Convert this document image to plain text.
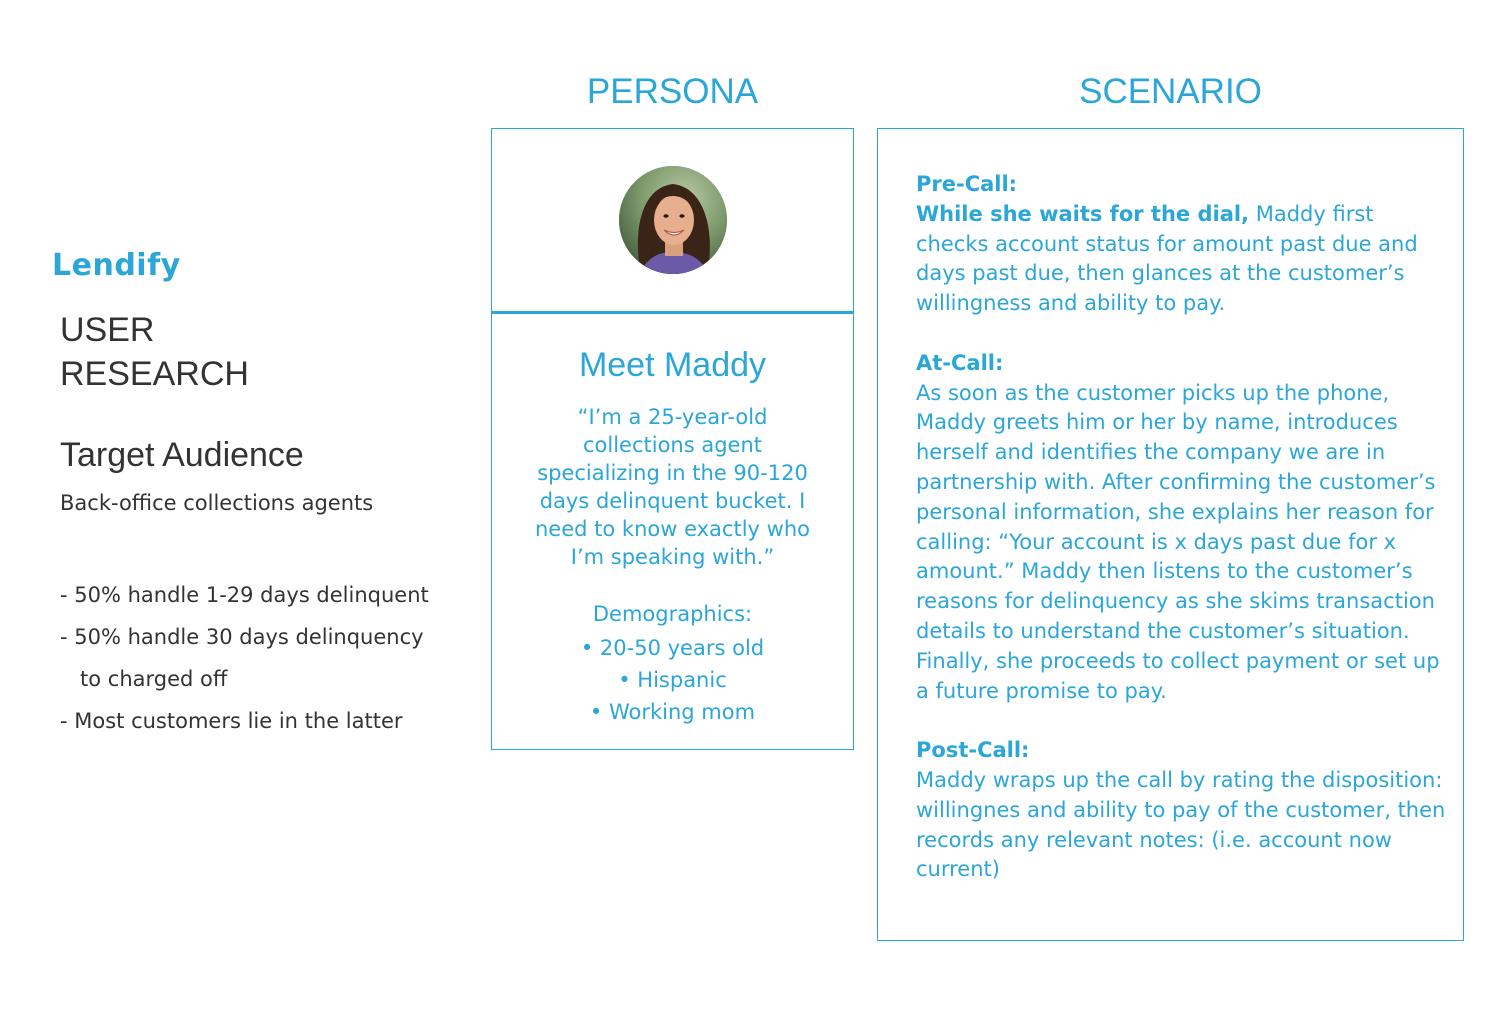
Lendify
USER
RESEARCH
Target Audience
Back-office collections agents
- 50% handle 1-29 days delinquent
- 50% handle 30 days delinquency
to charged off
- Most customers lie in the latter
PERSONA	SCENARIO
Meet Maddy
“I’m a 25-year-old collections agent specializing in the 90-120 days delinquent bucket. I need to know exactly who I’m speaking with.”
Demographics:
• 20-50 years old
• Hispanic
• Working mom
Pre-Call:
While she waits for the dial, Maddy first checks account status for amount past due and days past due, then glances at the customer’s willingness and ability to pay.
At-Call:
As soon as the customer picks up the phone, Maddy greets him or her by name, introduces herself and identifies the company we are in partnership with. After confirming the customer’s personal information, she explains her reason for calling: “Your account is x days past due for x amount.” Maddy then listens to the customer’s reasons for delinquency as she skims transaction details to understand the customer’s situation. Finally, she proceeds to collect payment or set up a future promise to pay.
Post-Call:
Maddy wraps up the call by rating the disposition: willingnes and ability to pay of the customer, then records any relevant notes: (i.e. account now current)
